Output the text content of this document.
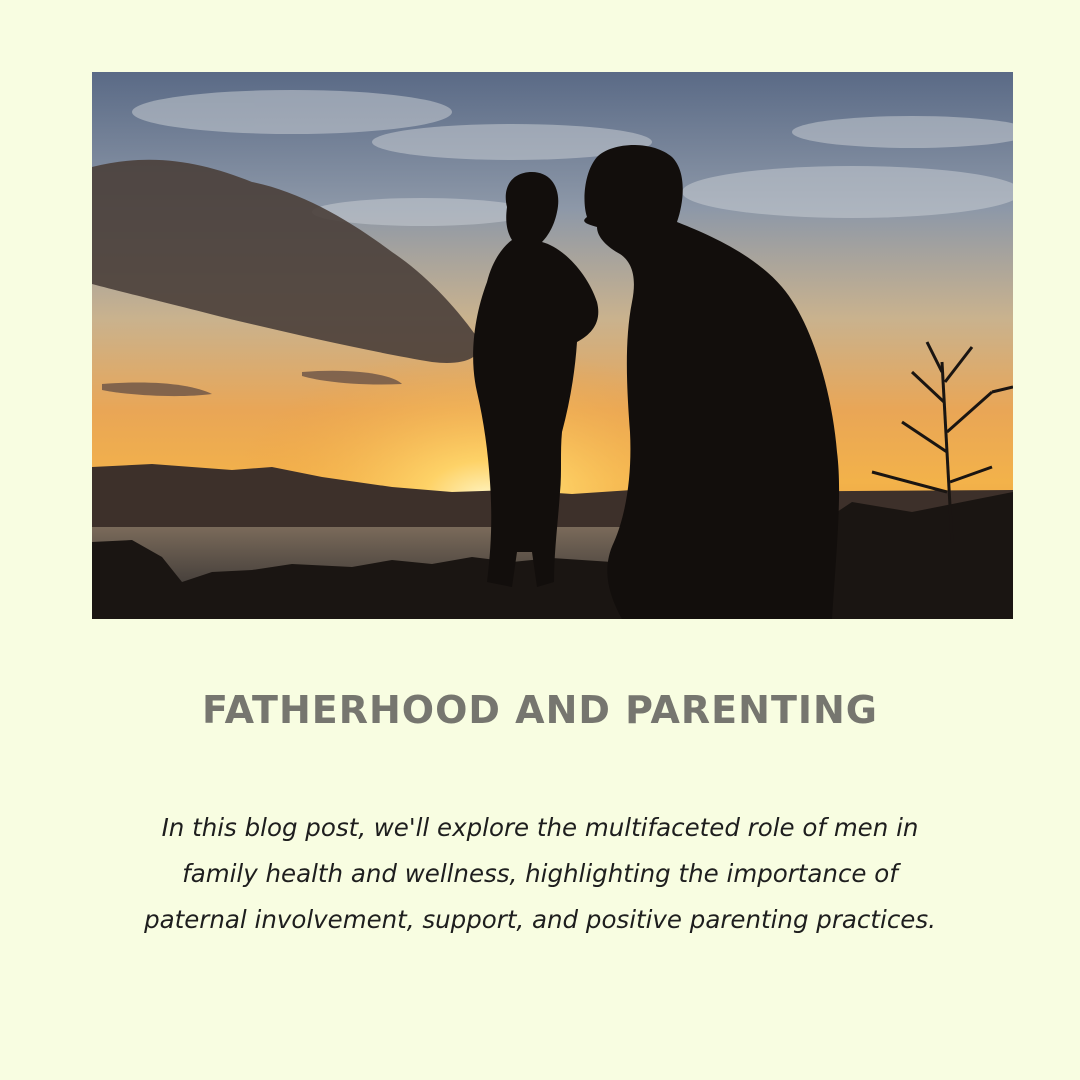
FATHERHOOD AND PARENTING
In this blog post, we'll explore the multifaceted role of men in
family health and wellness, highlighting the importance of
paternal involvement, support, and positive parenting practices.
